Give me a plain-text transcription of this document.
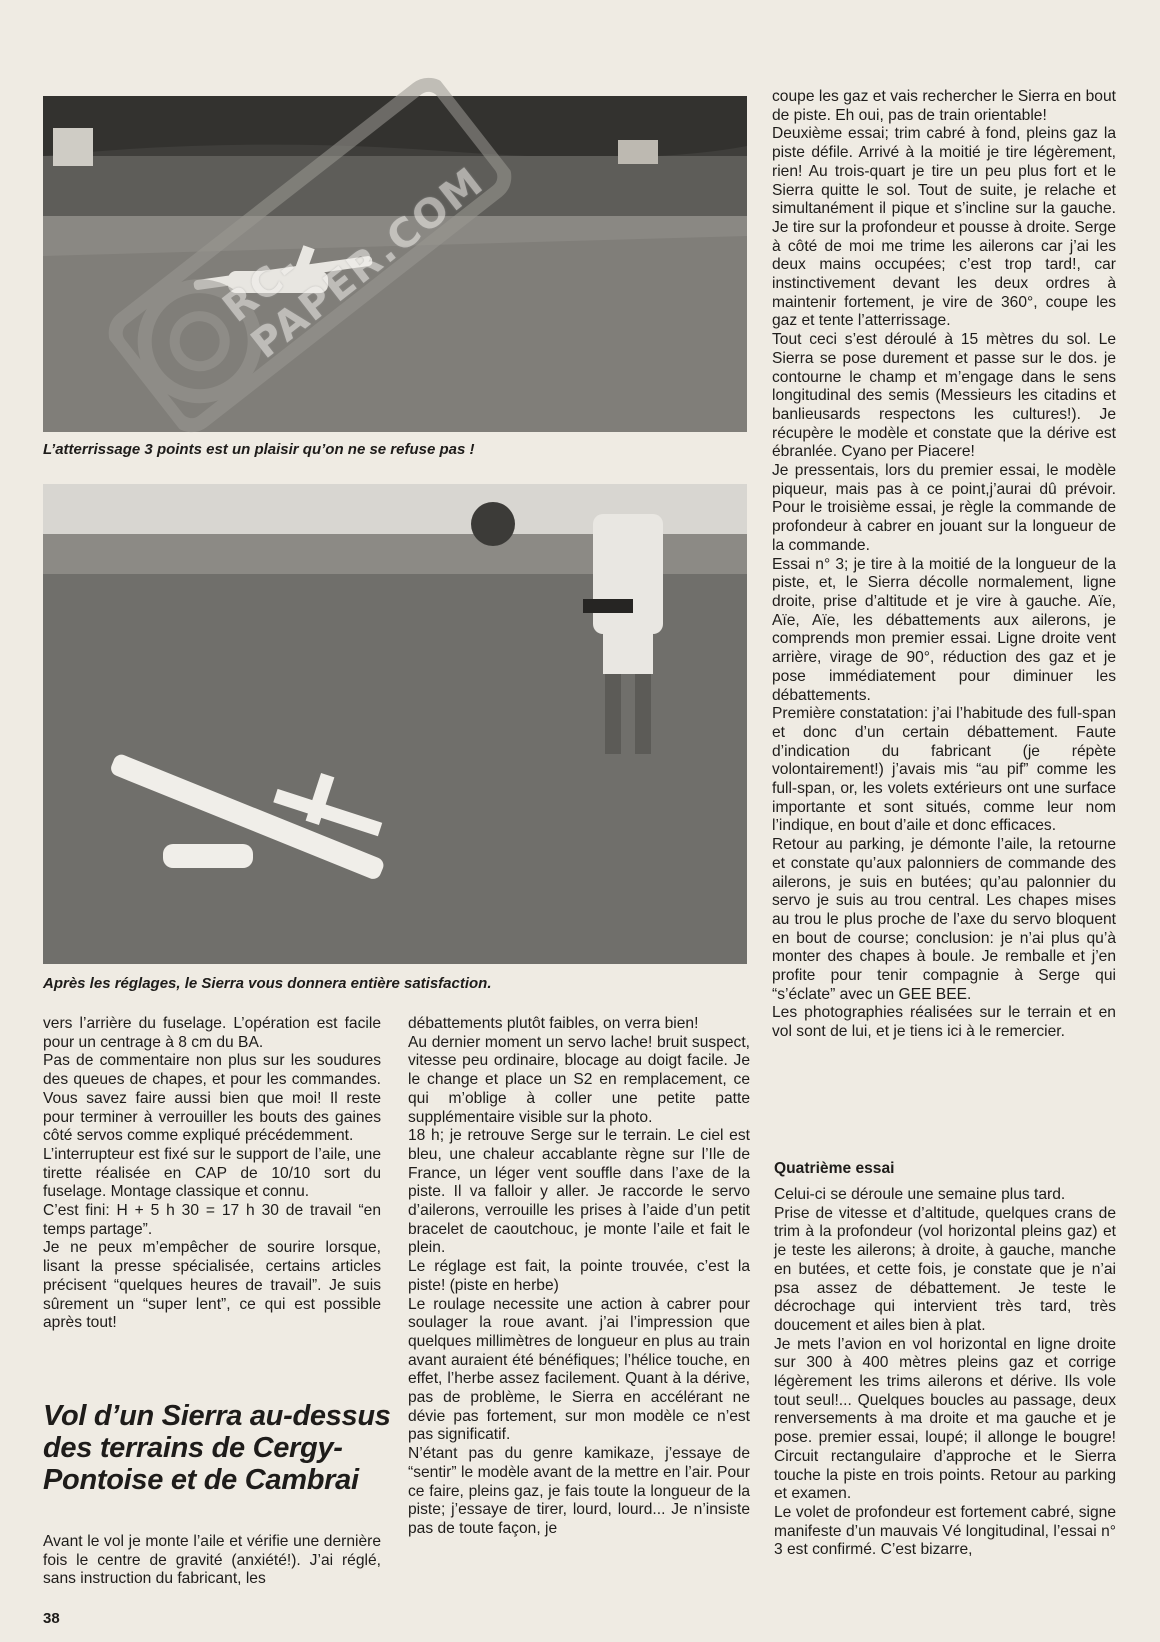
L’atterrissage 3 points est un plaisir qu’on ne se refuse pas !

RC-PAPER.COM

Après les réglages, le Sierra vous donnera entière satisfaction.

coupe les gaz et vais rechercher le Sierra en bout de piste. Eh oui, pas de train orientable!

Deuxième essai; trim cabré à fond, pleins gaz la piste défile. Arrivé à la moitié je tire légèrement, rien! Au trois-quart je tire un peu plus fort et le Sierra quitte le sol. Tout de suite, je relache et simultanément il pique et s’incline sur la gauche. Je tire sur la profondeur et pousse à droite. Serge à côté de moi me trime les ailerons car j’ai les deux mains occupées; c’est trop tard!, car instinctivement devant les deux ordres à maintenir fortement, je vire de 360°, coupe les gaz et tente l’atterrissage.

Tout ceci s’est déroulé à 15 mètres du sol. Le Sierra se pose durement et passe sur le dos. je contourne le champ et m’engage dans le sens longitudinal des semis (Messieurs les citadins et banlieusards respectons les cultures!). Je récupère le modèle et constate que la dérive est ébranlée. Cyano per Piacere!

Je pressentais, lors du premier essai, le modèle piqueur, mais pas à ce point,j’aurai dû prévoir. Pour le troisième essai, je règle la commande de profondeur à cabrer en jouant sur la longueur de la commande.

Essai n° 3; je tire à la moitié de la longueur de la piste, et, le Sierra décolle normalement, ligne droite, prise d’altitude et je vire à gauche. Aïe, Aïe, Aïe, les débattements aux ailerons, je comprends mon premier essai. Ligne droite vent arrière, virage de 90°, réduction des gaz et je pose immédiatement pour diminuer les débattements.

Première constatation: j’ai l’habitude des full-span et donc d’un certain débattement. Faute d’indication du fabricant (je répète volontairement!) j’avais mis “au pif” comme les full-span, or, les volets extérieurs ont une surface importante et sont situés, comme leur nom l’indique, en bout d’aile et donc efficaces.

Retour au parking, je démonte l’aile, la retourne et constate qu’aux palonniers de commande des ailerons, je suis en butées; qu’au palonnier du servo je suis au trou central. Les chapes mises au trou le plus proche de l’axe du servo bloquent en bout de course; conclusion: je n’ai plus qu’à monter des chapes à boule. Je remballe et j’en profite pour tenir compagnie à Serge qui “s’éclate” avec un GEE BEE.

Les photographies réalisées sur le terrain et en vol sont de lui, et je tiens ici à le remercier.

vers l’arrière du fuselage. L’opération est facile pour un centrage à 8 cm du BA.

Pas de commentaire non plus sur les soudures des queues de chapes, et pour les commandes. Vous savez faire aussi bien que moi! Il reste pour terminer à verrouiller les bouts des gaines côté servos comme expliqué précédemment.

L’interrupteur est fixé sur le support de l’aile, une tirette réalisée en CAP de 10/10 sort du fuselage. Montage classique et connu.

C’est fini: H + 5 h 30 = 17 h 30 de travail “en temps partage”.

Je ne peux m’empêcher de sourire lorsque, lisant la presse spécialisée, certains articles précisent “quelques heures de travail”. Je suis sûrement un “super lent”, ce qui est possible après tout!

Vol d’un Sierra au-dessus des terrains de Cergy-Pontoise et de Cambrai

Avant le vol je monte l’aile et vérifie une dernière fois le centre de gravité (anxiété!). J’ai réglé, sans instruction du fabricant, les

débattements plutôt faibles, on verra bien!

Au dernier moment un servo lache! bruit suspect, vitesse peu ordinaire, blocage au doigt facile. Je le change et place un S2 en remplacement, ce qui m’oblige à coller une petite patte supplémentaire visible sur la photo.

18 h; je retrouve Serge sur le terrain. Le ciel est bleu, une chaleur accablante règne sur l’Ile de France, un léger vent souffle dans l’axe de la piste. Il va falloir y aller. Je raccorde le servo d’ailerons, verrouille les prises à l’aide d’un petit bracelet de caoutchouc, je monte l’aile et fait le plein.

Le réglage est fait, la pointe trouvée, c’est la piste! (piste en herbe)

Le roulage necessite une action à cabrer pour soulager la roue avant. j’ai l’impression que quelques millimètres de longueur en plus au train avant auraient été bénéfiques; l’hélice touche, en effet, l’herbe assez facilement. Quant à la dérive, pas de problème, le Sierra en accélérant ne dévie pas fortement, sur mon modèle ce n’est pas significatif.

N’étant pas du genre kamikaze, j’essaye de “sentir” le modèle avant de la mettre en l’air. Pour ce faire, pleins gaz, je fais toute la longueur de la piste; j’essaye de tirer, lourd, lourd... Je n’insiste pas de toute façon, je

Quatrième essai

Celui-ci se déroule une semaine plus tard.

Prise de vitesse et d’altitude, quelques crans de trim à la profondeur (vol horizontal pleins gaz) et je teste les ailerons; à droite, à gauche, manche en butées, et cette fois, je constate que je n’ai psa assez de débattement. Je teste le décrochage qui intervient très tard, très doucement et ailes bien à plat.

Je mets l’avion en vol horizontal en ligne droite sur 300 à 400 mètres pleins gaz et corrige légèrement les trims ailerons et dérive. Ils vole tout seul!... Quelques boucles au passage, deux renversements à ma droite et ma gauche et je pose. premier essai, loupé; il allonge le bougre! Circuit rectangulaire d’approche et le Sierra touche la piste en trois points. Retour au parking et examen.

Le volet de profondeur est fortement cabré, signe manifeste d’un mauvais Vé longitudinal, l’essai n° 3 est confirmé. C’est bizarre,

38
